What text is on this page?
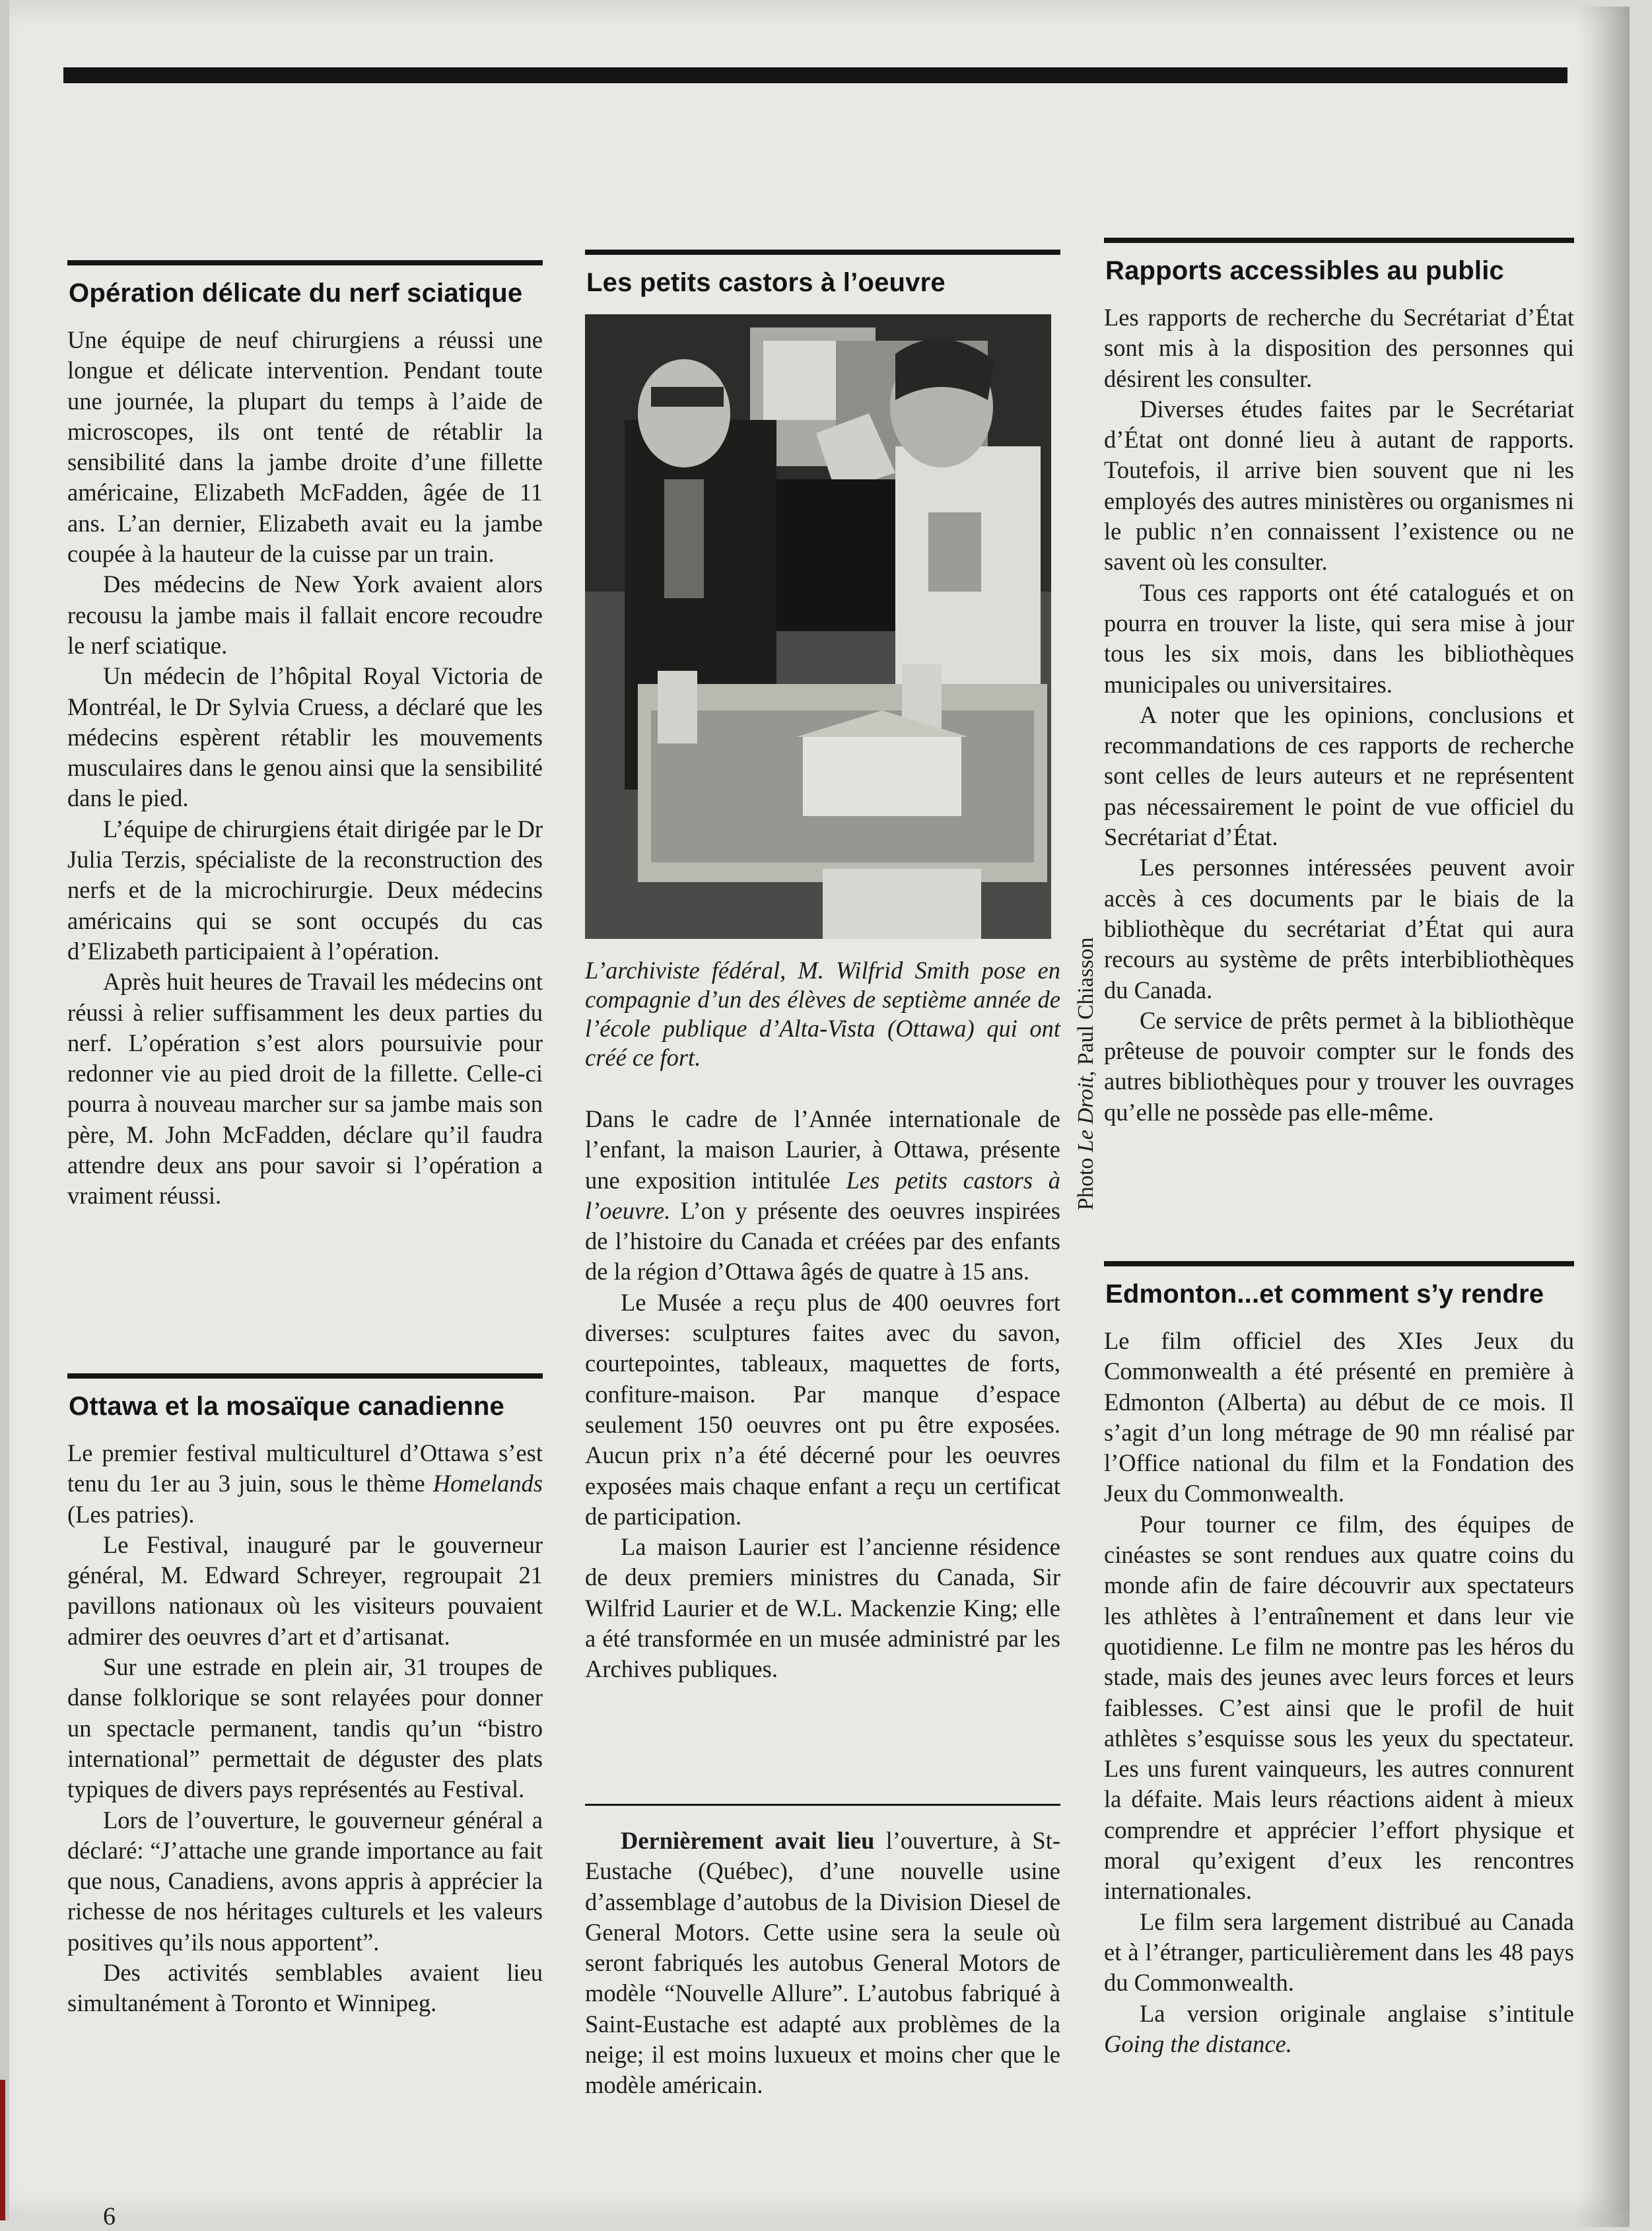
Opération délicate du nerf sciatique

Une équipe de neuf chirurgiens a réussi une longue et délicate intervention. Pendant toute une journée, la plupart du temps à l’aide de microscopes, ils ont tenté de rétablir la sensibilité dans la jambe droite d’une fillette américaine, Elizabeth McFadden, âgée de 11 ans. L’an dernier, Elizabeth avait eu la jambe coupée à la hauteur de la cuisse par un train.

Des médecins de New York avaient alors recousu la jambe mais il fallait encore recoudre le nerf sciatique.

Un médecin de l’hôpital Royal Victoria de Montréal, le Dr Sylvia Cruess, a déclaré que les médecins espèrent rétablir les mouvements musculaires dans le genou ainsi que la sensibilité dans le pied.

L’équipe de chirurgiens était dirigée par le Dr Julia Terzis, spécialiste de la reconstruction des nerfs et de la microchirurgie. Deux médecins américains qui se sont occupés du cas d’Elizabeth participaient à l’opération.

Après huit heures de Travail les médecins ont réussi à relier suffisamment les deux parties du nerf. L’opération s’est alors poursuivie pour redonner vie au pied droit de la fillette. Celle-ci pourra à nouveau marcher sur sa jambe mais son père, M. John McFadden, déclare qu’il faudra attendre deux ans pour savoir si l’opération a vraiment réussi.

Ottawa et la mosaïque canadienne

Le premier festival multiculturel d’Ottawa s’est tenu du 1er au 3 juin, sous le thème Homelands (Les patries).

Le Festival, inauguré par le gouverneur général, M. Edward Schreyer, regroupait 21 pavillons nationaux où les visiteurs pouvaient admirer des oeuvres d’art et d’artisanat.

Sur une estrade en plein air, 31 troupes de danse folklorique se sont relayées pour donner un spectacle permanent, tandis qu’un “bistro international” permettait de déguster des plats typiques de divers pays représentés au Festival.

Lors de l’ouverture, le gouverneur général a déclaré: “J’attache une grande importance au fait que nous, Canadiens, avons appris à apprécier la richesse de nos héritages culturels et les valeurs positives qu’ils nous apportent”.

Des activités semblables avaient lieu simultanément à Toronto et Winnipeg.

Les petits castors à l’oeuvre
Photo Le Droit, Paul Chiasson

L’archiviste fédéral, M. Wilfrid Smith pose en compagnie d’un des élèves de septième année de l’école publique d’Alta-Vista (Ottawa) qui ont créé ce fort.

Dans le cadre de l’Année internationale de l’enfant, la maison Laurier, à Ottawa, présente une exposition intitulée Les petits castors à l’oeuvre. L’on y présente des oeuvres inspirées de l’histoire du Canada et créées par des enfants de la région d’Ottawa âgés de quatre à 15 ans.

Le Musée a reçu plus de 400 oeuvres fort diverses: sculptures faites avec du savon, courtepointes, tableaux, maquettes de forts, confiture-maison. Par manque d’espace seulement 150 oeuvres ont pu être exposées. Aucun prix n’a été décerné pour les oeuvres exposées mais chaque enfant a reçu un certificat de participation.

La maison Laurier est l’ancienne résidence de deux premiers ministres du Canada, Sir Wilfrid Laurier et de W.L. Mackenzie King; elle a été transformée en un musée administré par les Archives publiques.

Dernièrement avait lieu l’ouverture, à St-Eustache (Québec), d’une nouvelle usine d’assemblage d’autobus de la Division Diesel de General Motors. Cette usine sera la seule où seront fabriqués les autobus General Motors de modèle “Nouvelle Allure”. L’autobus fabriqué à Saint-Eustache est adapté aux problèmes de la neige; il est moins luxueux et moins cher que le modèle américain.

Rapports accessibles au public

Les rapports de recherche du Secrétariat d’État sont mis à la disposition des personnes qui désirent les consulter.

Diverses études faites par le Secrétariat d’État ont donné lieu à autant de rapports. Toutefois, il arrive bien souvent que ni les employés des autres ministères ou organismes ni le public n’en connaissent l’existence ou ne savent où les consulter.

Tous ces rapports ont été catalogués et on pourra en trouver la liste, qui sera mise à jour tous les six mois, dans les bibliothèques municipales ou universitaires.

A noter que les opinions, conclusions et recommandations de ces rapports de recherche sont celles de leurs auteurs et ne représentent pas nécessairement le point de vue officiel du Secrétariat d’État.

Les personnes intéressées peuvent avoir accès à ces documents par le biais de la bibliothèque du secrétariat d’État qui aura recours au système de prêts interbibliothèques du Canada.

Ce service de prêts permet à la bibliothèque prêteuse de pouvoir compter sur le fonds des autres bibliothèques pour y trouver les ouvrages qu’elle ne possède pas elle-même.

Edmonton...et comment s’y rendre

Le film officiel des XIes Jeux du Commonwealth a été présenté en première à Edmonton (Alberta) au début de ce mois. Il s’agit d’un long métrage de 90 mn réalisé par l’Office national du film et la Fondation des Jeux du Commonwealth.

Pour tourner ce film, des équipes de cinéastes se sont rendues aux quatre coins du monde afin de faire découvrir aux spectateurs les athlètes à l’entraînement et dans leur vie quotidienne. Le film ne montre pas les héros du stade, mais des jeunes avec leurs forces et leurs faiblesses. C’est ainsi que le profil de huit athlètes s’esquisse sous les yeux du spectateur. Les uns furent vainqueurs, les autres connurent la défaite. Mais leurs réactions aident à mieux comprendre et apprécier l’effort physique et moral qu’exigent d’eux les rencontres internationales.

Le film sera largement distribué au Canada et à l’étranger, particulièrement dans les 48 pays du Commonwealth.

La version originale anglaise s’intitule Going the distance.

6
